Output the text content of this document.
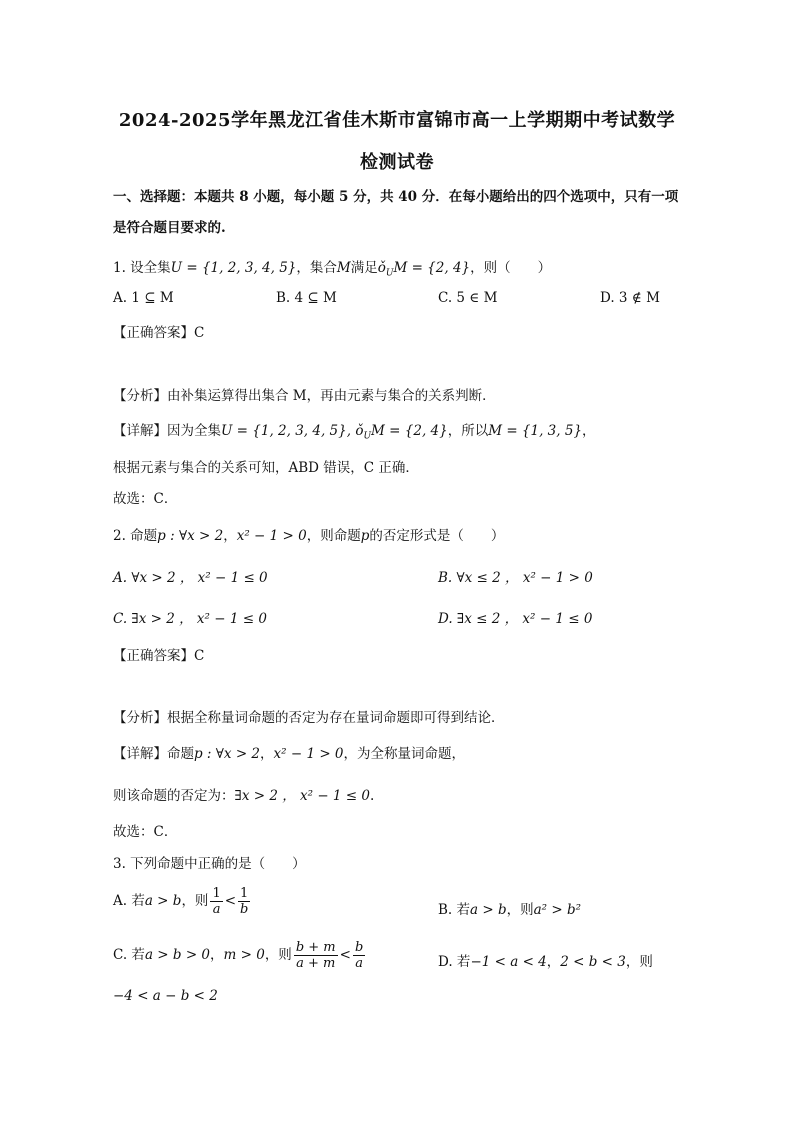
2024-2025学年黑龙江省佳木斯市富锦市高一上学期期中考试数学
检测试卷
一、选择题：本题共 8 小题，每小题 5 分，共 40 分．在每小题给出的四个选项中，只有一项
是符合题目要求的.
1. 设全集U = {1, 2, 3, 4, 5}，集合M满足$ǒ_UM = \{2$, 4}，则（　　）
A. 1 ⊆ M	B. 4 ⊆ M	C. 5 ∈ M	D. 3 ∉ M
【正确答案】C
【分析】由补集运算得出集合 M，再由元素与集合的关系判断．
【详解】因为全集U = {1, 2, 3, 4, 5}, $ǒ_UM = \{2$, 4}，所以M = {1, 3, 5}，
根据元素与集合的关系可知，ABD 错误，C 正确．
故选：C．
2. 命题p : ∀x > 2，x² − 1 > 0，则命题p的否定形式是（　　）
A. ∀x > 2 ， x² − 1 ≤ 0	B. ∀x ≤ 2 ， x² − 1 > 0
C. ∃x > 2 ， x² − 1 ≤ 0	D. ∃x ≤ 2 ， x² − 1 ≤ 0
【正确答案】C
【分析】根据全称量词命题的否定为存在量词命题即可得到结论．
【详解】命题p : ∀x > 2，x² − 1 > 0，为全称量词命题，
则该命题的否定为：∃x > 2 ， x² − 1 ≤ 0.
故选：C．
3. 下列命题中正确的是（　　）
A. 若a > b，则 $\frac{1}{a} < \frac{1}{b}$	B. 若a > b，则a² > b²
C. 若a > b > 0，m > 0，则 $\frac{b + m}{a + m} < \frac{b}{a}$	D. 若−1 < a < 4，2 < b < 3，则
−4 < a − b < 2
